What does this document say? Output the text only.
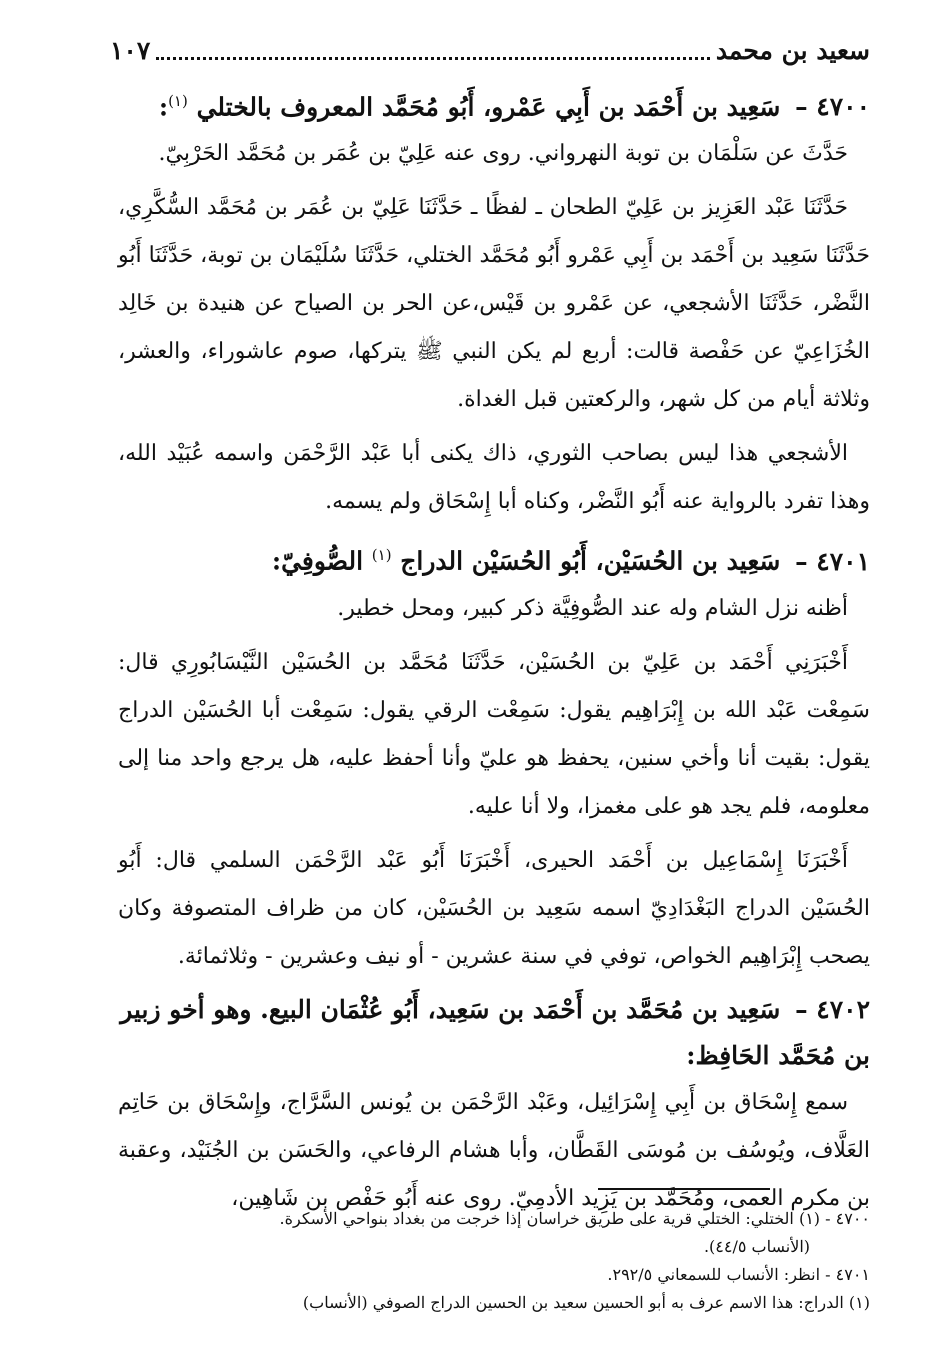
سعيد بن محمد
١٠٧
٤٧٠٠ – سَعِيد بن أَحْمَد بن أَبِي عَمْرو، أَبُو مُحَمَّد المعروف بالختلي $^{(١)}$:

حَدَّثَ عن سَلْمَان بن توبة النهرواني. روى عنه عَلِيّ بن عُمَر بن مُحَمَّد الحَرْبِيّ.

حَدَّثَنَا عَبْد العَزِيز بن عَلِيّ الطحان ـ لفظًا ـ حَدَّثَنَا عَلِيّ بن عُمَر بن مُحَمَّد السُّكَّرِي، حَدَّثَنَا سَعِيد بن أَحْمَد بن أَبِي عَمْرو أَبُو مُحَمَّد الختلي، حَدَّثَنَا سُلَيْمَان بن توبة، حَدَّثَنَا أَبُو النَّضْر، حَدَّثَنَا الأشجعي، عن عَمْرو بن قَيْس،عن الحر بن الصياح عن هنيدة بن خَالِد الخُزَاعِيّ عن حَفْصة قالت: أربع لم يكن النبي ﷺ يتركها، صوم عاشوراء، والعشر، وثلاثة أيام من كل شهر، والركعتين قبل الغداة.

الأشجعي هذا ليس بصاحب الثوري، ذاك يكنى أبا عَبْد الرَّحْمَن واسمه عُبَيْد الله، وهذا تفرد بالرواية عنه أَبُو النَّضْر، وكناه أبا إِسْحَاق ولم يسمه.

٤٧٠١ – سَعِيد بن الحُسَيْن، أَبُو الحُسَيْن الدراج $^{(١)}$ الصُّوفِيّ:

أظنه نزل الشام وله عند الصُّوفِيَّة ذكر كبير، ومحل خطير.

أَخْبَرَنِي أَحْمَد بن عَلِيّ بن الحُسَيْن، حَدَّثَنَا مُحَمَّد بن الحُسَيْن النَّيْسَابُورِي قال: سَمِعْت عَبْد الله بن إِبْرَاهِيم يقول: سَمِعْت الرقي يقول: سَمِعْت أبا الحُسَيْن الدراج يقول: بقيت أنا وأخي سنين، يحفظ هو عليّ وأنا أحفظ عليه، هل يرجع واحد منا إلى معلومه، فلم يجد هو على مغمزا، ولا أنا عليه.

أَخْبَرَنَا إِسْمَاعِيل بن أَحْمَد الحيرى، أَخْبَرَنَا أَبُو عَبْد الرَّحْمَن السلمي قال: أَبُو الحُسَيْن الدراج البَغْدَادِيّ اسمه سَعِيد بن الحُسَيْن، كان من ظراف المتصوفة وكان يصحب إِبْرَاهِيم الخواص، توفي في سنة عشرين - أو نيف وعشرين - وثلاثمائة.

٤٧٠٢ – سَعِيد بن مُحَمَّد بن أَحْمَد بن سَعِيد، أَبُو عُثْمَان البيع. وهو أخو زبير بن مُحَمَّد الحَافِظ:

سمع إِسْحَاق بن أَبِي إِسْرَائِيل، وعَبْد الرَّحْمَن بن يُونس السَّرَّاج، وإِسْحَاق بن حَاتِم العَلَّاف، ويُوسُف بن مُوسَى القَطَّان، وأبا هشام الرفاعي، والحَسَن بن الجُنَيْد، وعقبة بن مكرم العمى، ومُحَمَّد بن يَزِيد الأدمِيّ. روى عنه أَبُو حَفْص بن شَاهِين،

٤٧٠٠ - (١) الختلي: الختلي قرية على طريق خراسان إذا خرجت من بغداد بنواحي الأسكرة.
(الأنساب ٤٤/٥).
٤٧٠١ - انظر: الأنساب للسمعاني ٢٩٢/٥.
(١) الدراج: هذا الاسم عرف به أبو الحسين سعيد بن الحسين الدراج الصوفي (الأنساب)
